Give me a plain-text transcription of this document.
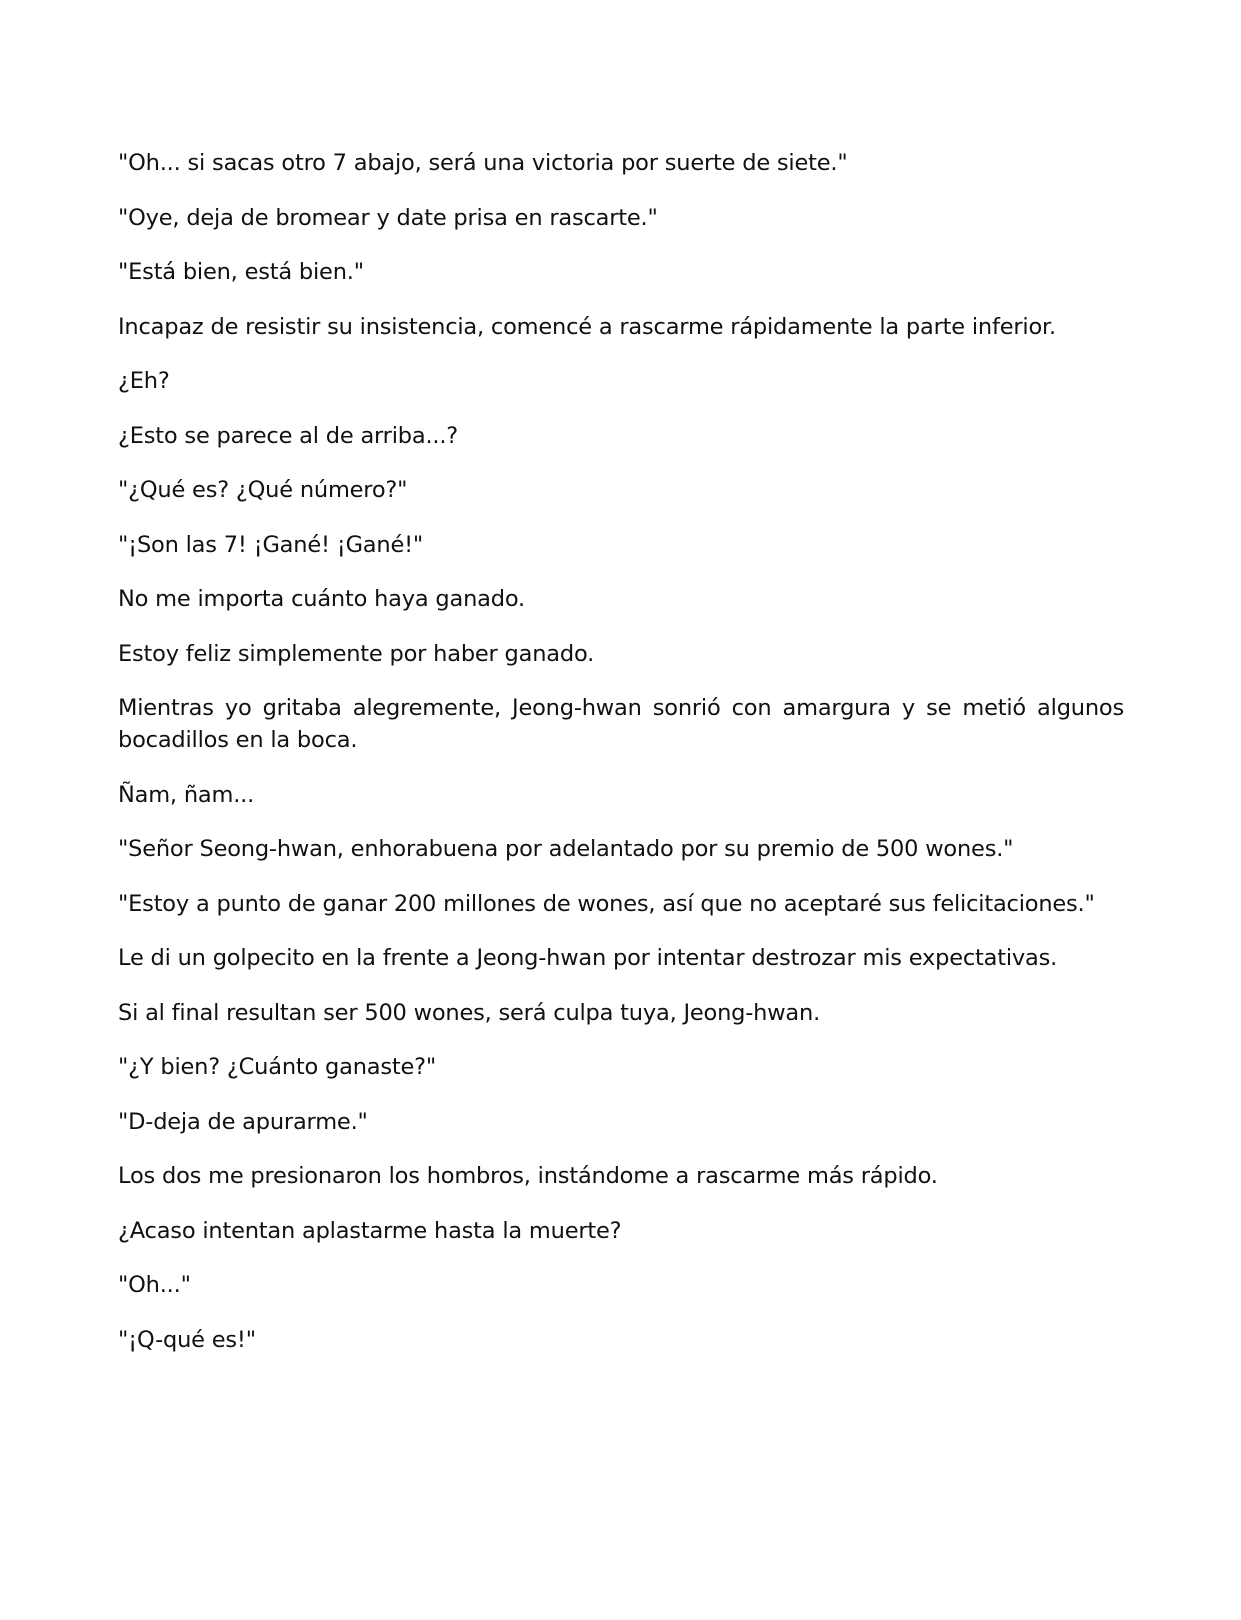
"Oh... si sacas otro 7 abajo, será una victoria por suerte de siete."

"Oye, deja de bromear y date prisa en rascarte."

"Está bien, está bien."

Incapaz de resistir su insistencia, comencé a rascarme rápidamente la parte inferior.

¿Eh?

¿Esto se parece al de arriba...?

"¿Qué es? ¿Qué número?"

"¡Son las 7! ¡Gané! ¡Gané!"

No me importa cuánto haya ganado.

Estoy feliz simplemente por haber ganado.

Mientras yo gritaba alegremente, Jeong-hwan sonrió con amargura y se metió algunos bocadillos en la boca.

Ñam, ñam...

"Señor Seong-hwan, enhorabuena por adelantado por su premio de 500 wones."

"Estoy a punto de ganar 200 millones de wones, así que no aceptaré sus felicitaciones."

Le di un golpecito en la frente a Jeong-hwan por intentar destrozar mis expectativas.

Si al final resultan ser 500 wones, será culpa tuya, Jeong-hwan.

"¿Y bien? ¿Cuánto ganaste?"

"D-deja de apurarme."

Los dos me presionaron los hombros, instándome a rascarme más rápido.

¿Acaso intentan aplastarme hasta la muerte?

"Oh..."

"¡Q-qué es!"
